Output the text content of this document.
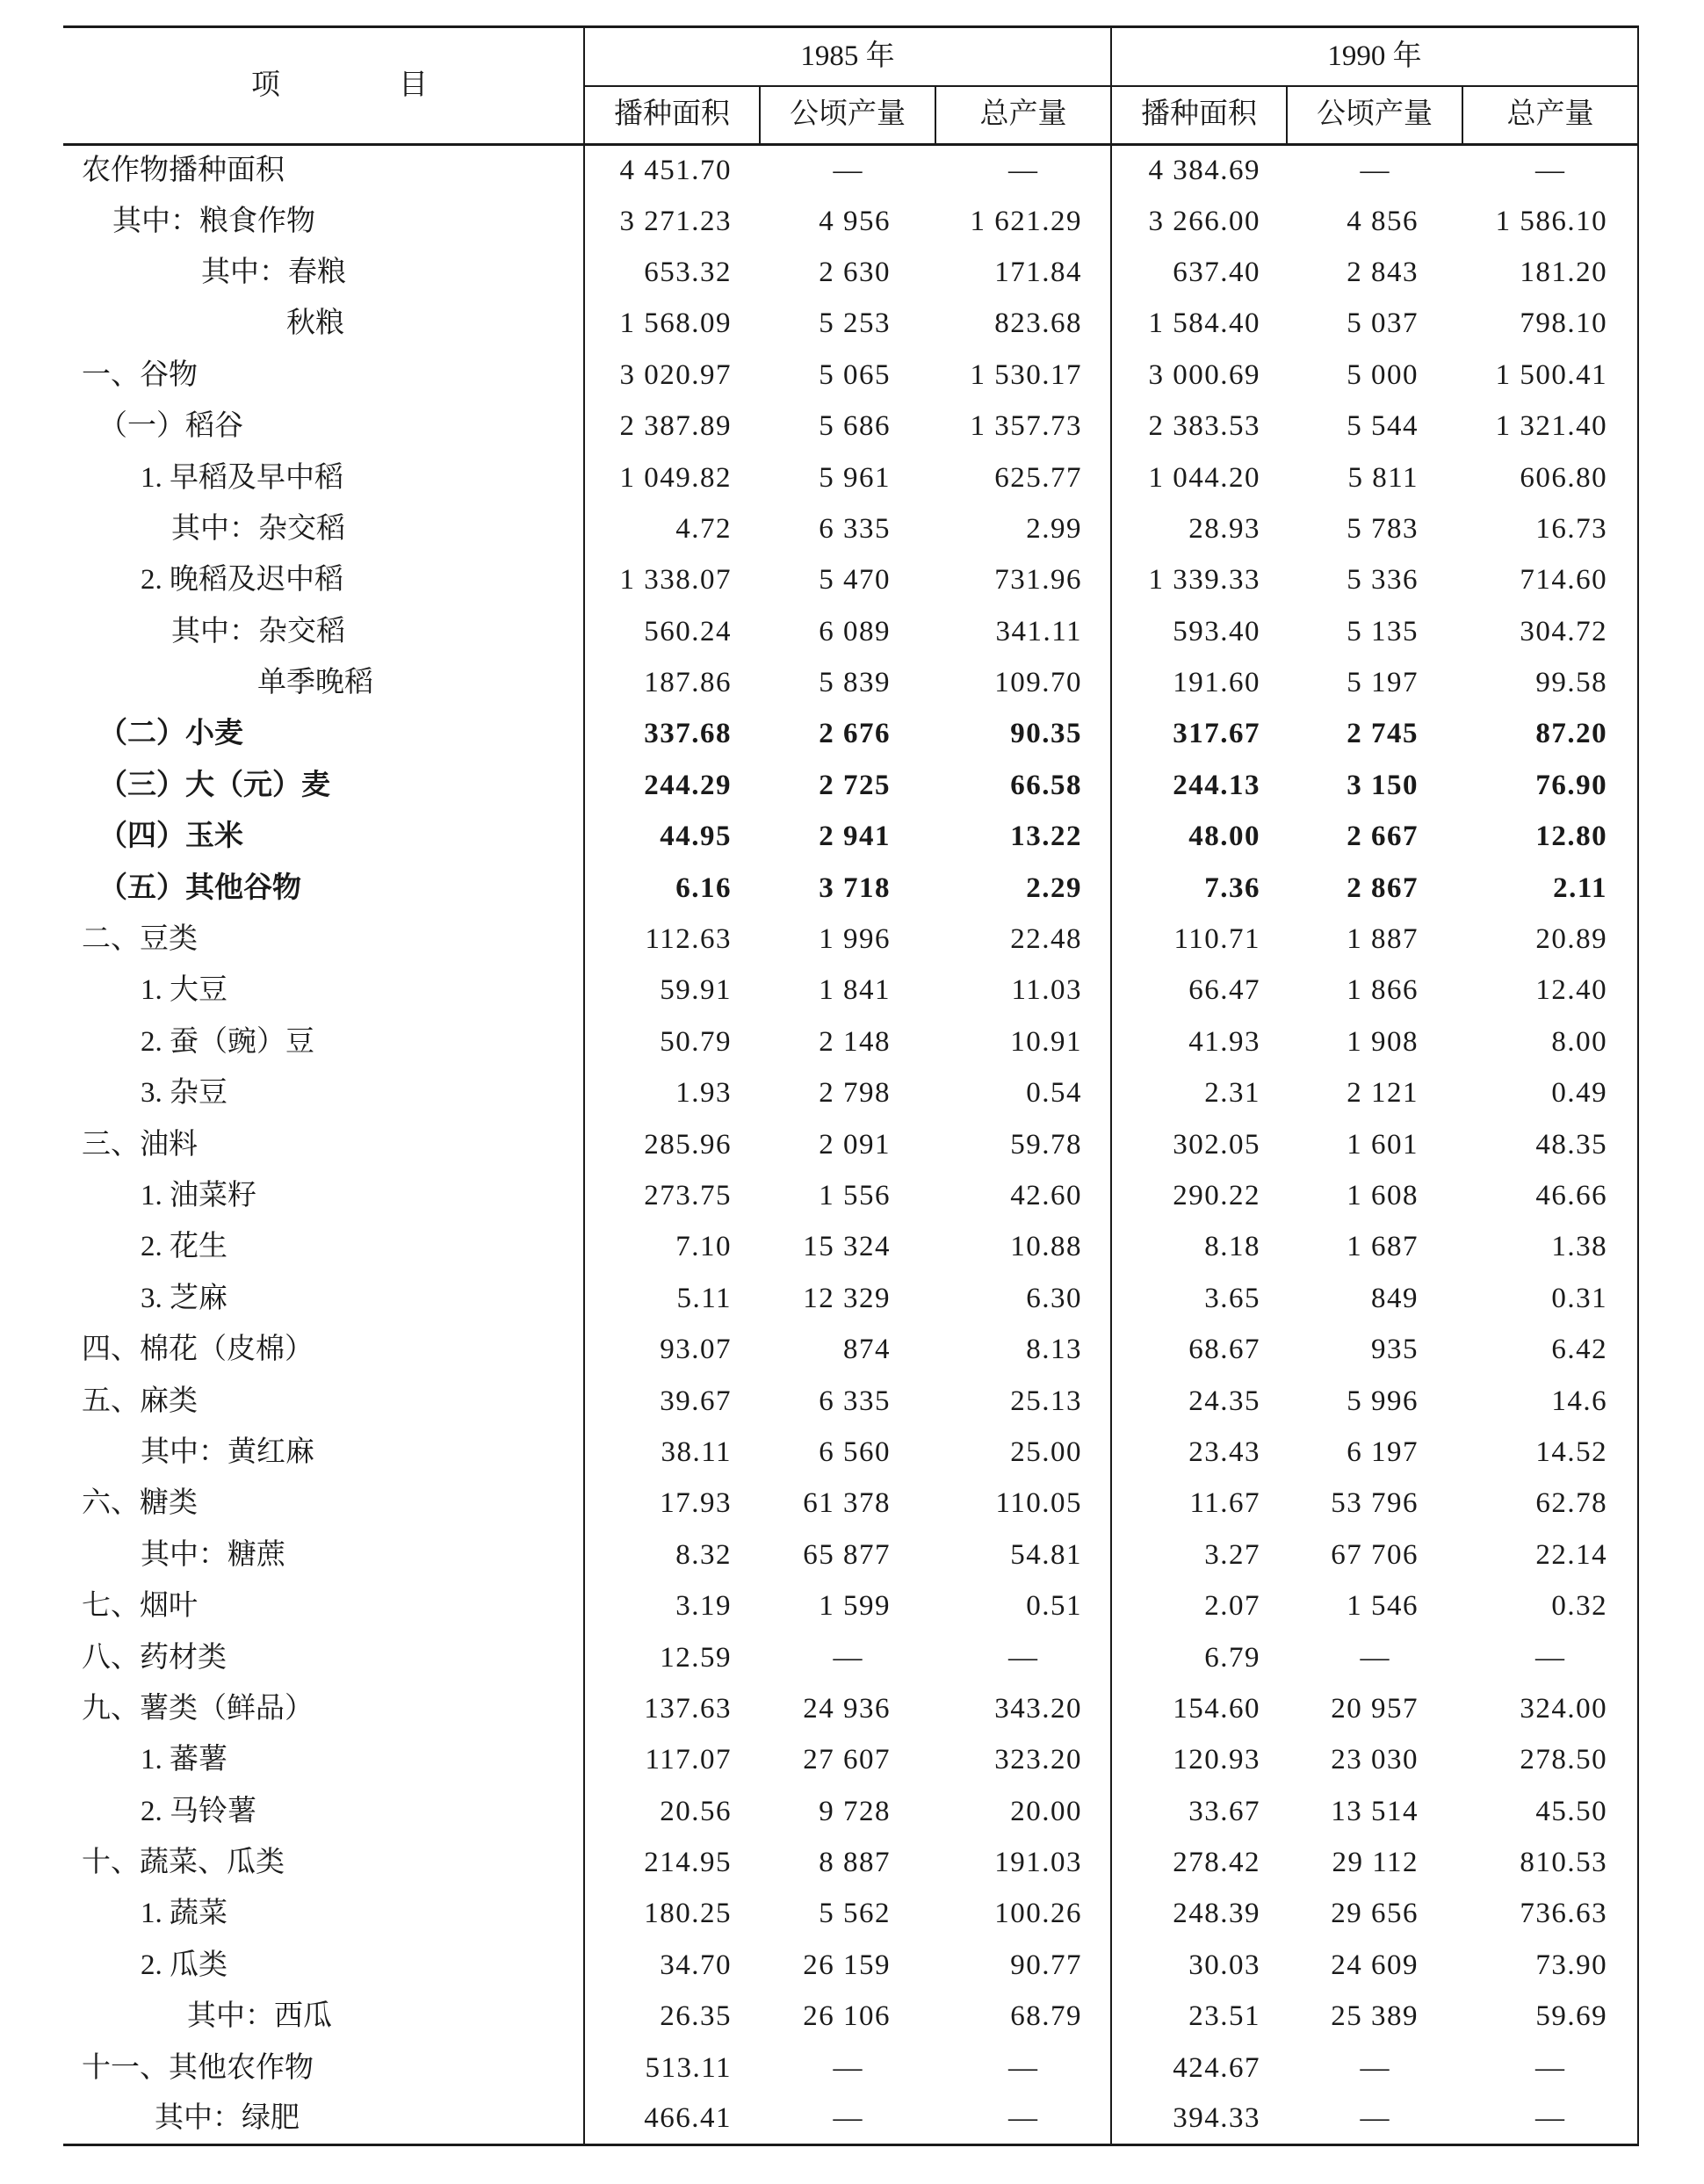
项 目	1985 年			1990 年		
	播种面积	公顷产量	总产量	播种面积	公顷产量	总产量
农作物播种面积	4 451.70	—	—	4 384.69	—	—
其中：粮食作物	3 271.23	4 956	1 621.29	3 266.00	4 856	1 586.10
其中：春粮	653.32	2 630	171.84	637.40	2 843	181.20
秋粮	1 568.09	5 253	823.68	1 584.40	5 037	798.10
一、谷物	3 020.97	5 065	1 530.17	3 000.69	5 000	1 500.41
（一）稻谷	2 387.89	5 686	1 357.73	2 383.53	5 544	1 321.40
1. 早稻及早中稻	1 049.82	5 961	625.77	1 044.20	5 811	606.80
其中：杂交稻	4.72	6 335	2.99	28.93	5 783	16.73
2. 晚稻及迟中稻	1 338.07	5 470	731.96	1 339.33	5 336	714.60
其中：杂交稻	560.24	6 089	341.11	593.40	5 135	304.72
单季晚稻	187.86	5 839	109.70	191.60	5 197	99.58
（二）小麦	337.68	2 676	90.35	317.67	2 745	87.20
（三）大（元）麦	244.29	2 725	66.58	244.13	3 150	76.90
（四）玉米	44.95	2 941	13.22	48.00	2 667	12.80
（五）其他谷物	6.16	3 718	2.29	7.36	2 867	2.11
二、豆类	112.63	1 996	22.48	110.71	1 887	20.89
1. 大豆	59.91	1 841	11.03	66.47	1 866	12.40
2. 蚕（豌）豆	50.79	2 148	10.91	41.93	1 908	8.00
3. 杂豆	1.93	2 798	0.54	2.31	2 121	0.49
三、油料	285.96	2 091	59.78	302.05	1 601	48.35
1. 油菜籽	273.75	1 556	42.60	290.22	1 608	46.66
2. 花生	7.10	15 324	10.88	8.18	1 687	1.38
3. 芝麻	5.11	12 329	6.30	3.65	849	0.31
四、棉花（皮棉）	93.07	874	8.13	68.67	935	6.42
五、麻类	39.67	6 335	25.13	24.35	5 996	14.6
其中：黄红麻	38.11	6 560	25.00	23.43	6 197	14.52
六、糖类	17.93	61 378	110.05	11.67	53 796	62.78
其中：糖蔗	8.32	65 877	54.81	3.27	67 706	22.14
七、烟叶	3.19	1 599	0.51	2.07	1 546	0.32
八、药材类	12.59	—	—	6.79	—	—
九、薯类（鲜品）	137.63	24 936	343.20	154.60	20 957	324.00
1. 蕃薯	117.07	27 607	323.20	120.93	23 030	278.50
2. 马铃薯	20.56	9 728	20.00	33.67	13 514	45.50
十、蔬菜、瓜类	214.95	8 887	191.03	278.42	29 112	810.53
1. 蔬菜	180.25	5 562	100.26	248.39	29 656	736.63
2. 瓜类	34.70	26 159	90.77	30.03	24 609	73.90
其中：西瓜	26.35	26 106	68.79	23.51	25 389	59.69
十一、其他农作物	513.11	—	—	424.67	—	—
其中：绿肥	466.41	—	—	394.33	—	—
